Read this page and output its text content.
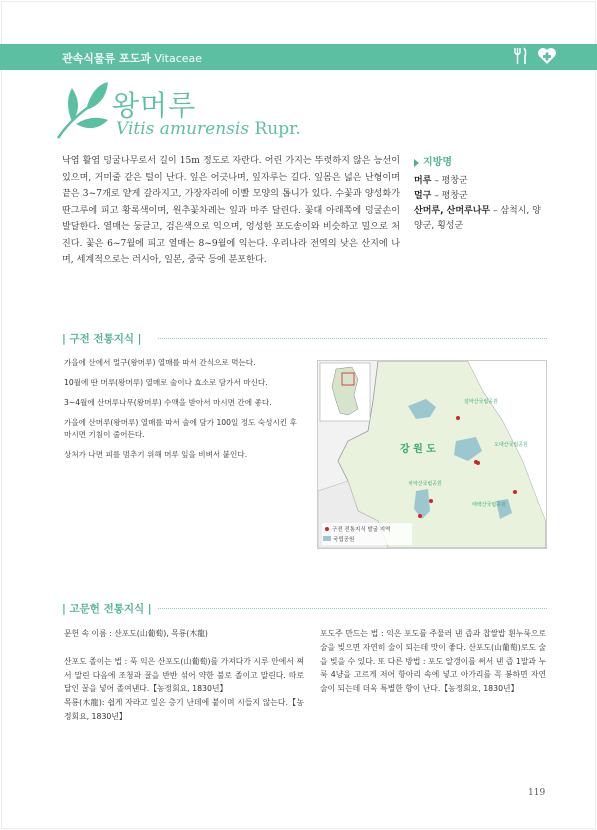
관속식물류 포도과 Vitaceae
왕머루
Vitis amurensis Rupr.
낙엽 활엽 덩굴나무로서 길이 15m 정도로 자란다. 어린 가지는 뚜렷하지 않은 능선이 있으며, 거미줄 같은 털이 난다. 잎은 어긋나며, 잎자루는 길다. 잎몸은 넓은 난형이며 끝은 3~7개로 얕게 갈라지고, 가장자리에 이빨 모양의 톱니가 있다. 수꽃과 양성화가 딴그루에 피고 황록색이며, 원추꽃차례는 잎과 마주 달린다. 꽃대 아래쪽에 덩굴손이 발달한다. 열매는 둥글고, 검은색으로 익으며, 엉성한 포도송이와 비슷하고 밀으로 처진다. 꽃은 6~7월에 피고 열매는 8~9월에 익는다. 우리나라 전역의 낮은 산지에 나며, 세계적으로는 러시아, 일본, 중국 등에 분포한다.
지방명
머루 – 평창군
멀구 – 평창군
산머루, 산머루나무 – 삼척시, 양양군, 횡성군
| 구전 전통지식 |

가을에 산에서 멀구(왕머루) 열매를 따서 간식으로 먹는다.

10월에 딴 머루(왕머루) 열매로 술이나 효소로 담가서 마신다.

3~4월에 산머루나무(왕머루) 수액을 받아서 마시면 간에 좋다.

가을에 산머루(왕머루) 열매를 따서 술에 담가 100일 정도 숙성시킨 후 마시면 기침이 줄어든다.

상처가 나면 피를 멈추기 위해 머루 잎을 비벼서 붙인다.	강 원 도
설악산국립공원
오대산국립공원
치악산국립공원
태백산국립공원
구전 전통지식 발굴 지역
국립공원
| 고문헌 전통지식 |

문헌 속 이름 : 산포도(山葡萄), 목룡(木龍)

산포도 졸이는 법 : 푹 익은 산포도(山葡萄)를 가져다가 시루 안에서 쪄서 말린 다음에 조청과 꿀을 반반 섞어 약한 불로 졸이고 말린다. 따로 달인 꿀을 넣어 졸여낸다.【농정회요, 1830년】

목룡(木龍): 쉽게 자라고 잎은 층기 난데에 붙이며 시들지 않는다.【농정회요, 1830년】

포도주 만드는 법 : 익은 포도를 주물러 낸 즙과 찹쌀밥 흰누룩으로 술을 빚으면 자연히 술이 되는데 맛이 좋다. 산포도(山葡萄)로도 술을 빚을 수 있다. 또 다른 방법 : 포도 알갱이를 써서 낸 즙 1말과 누룩 4냥을 고르게 저어 항아리 속에 넣고 아가리를 꼭 봉하면 자연 술이 되는데 더욱 특별한 향이 난다.【농정회요, 1830년】

119
